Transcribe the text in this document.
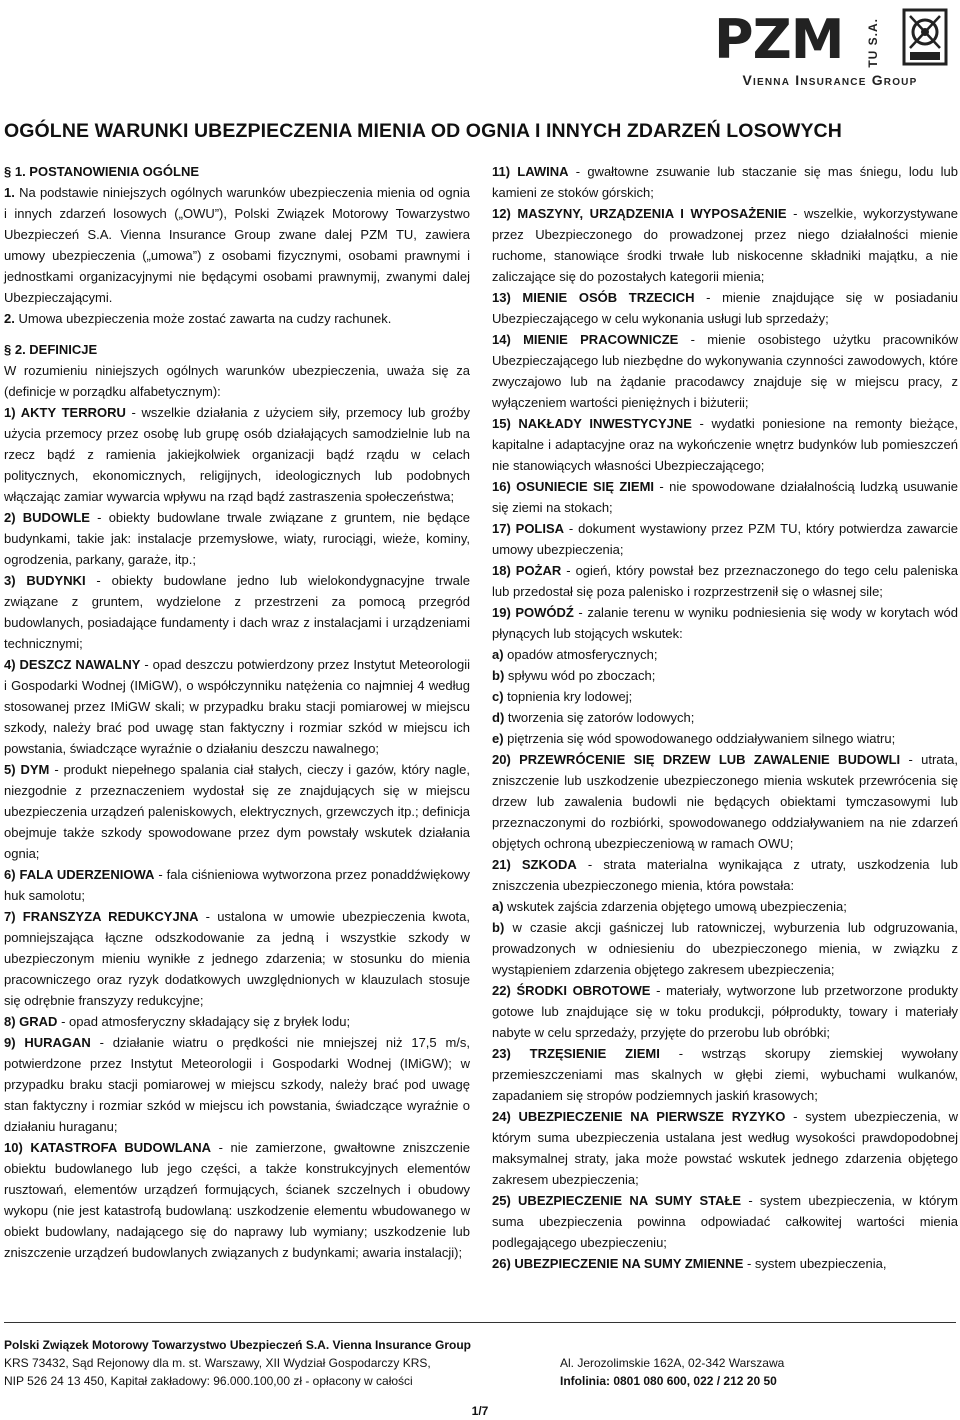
PZM TU S.A.
Vienna Insurance Group
OGÓLNE WARUNKI UBEZPIECZENIA MIENIA OD OGNIA I INNYCH ZDARZEŃ LOSOWYCH

§ 1. POSTANOWIENIA OGÓLNE

1. Na podstawie niniejszych ogólnych warunków ubezpieczenia mienia od ognia i innych zdarzeń losowych („OWU”), Polski Związek Motorowy Towarzystwo Ubezpieczeń S.A. Vienna Insurance Group zwane dalej PZM TU, zawiera umowy ubezpieczenia („umowa”) z osobami fizycznymi, osobami prawnymi i jednostkami organizacyjnymi nie będącymi osobami prawnymij, zwanymi dalej Ubezpieczającymi.

2. Umowa ubezpieczenia może zostać zawarta na cudzy rachunek.

§ 2. DEFINICJE

W rozumieniu niniejszych ogólnych warunków ubezpieczenia, uważa się za (definicje w porządku alfabetycznym):

1) AKTY TERRORU - wszelkie działania z użyciem siły, przemocy lub groźby użycia przemocy przez osobę lub grupę osób działających samodzielnie lub na rzecz bądź z ramienia jakiejkolwiek organizacji bądź rządu w celach politycznych, ekonomicznych, religijnych, ideologicznych lub podobnych włączając zamiar wywarcia wpływu na rząd bądź zastraszenia społeczeństwa;

2) BUDOWLE - obiekty budowlane trwale związane z gruntem, nie będące budynkami, takie jak: instalacje przemysłowe, wiaty, rurociągi, wieże, kominy, ogrodzenia, parkany, garaże, itp.;

3) BUDYNKI - obiekty budowlane jedno lub wielokondygnacyjne trwale związane z gruntem, wydzielone z przestrzeni za pomocą przegród budowlanych, posiadające fundamenty i dach wraz z instalacjami i urządzeniami technicznymi;

4) DESZCZ NAWALNY - opad deszczu potwierdzony przez Instytut Meteorologii i Gospodarki Wodnej (IMiGW), o współczynniku natężenia co najmniej 4 według stosowanej przez IMiGW skali; w przypadku braku stacji pomiarowej w miejscu szkody, należy brać pod uwagę stan faktyczny i rozmiar szkód w miejscu ich powstania, świadczące wyraźnie o działaniu deszczu nawalnego;

5) DYM - produkt niepełnego spalania ciał stałych, cieczy i gazów, który nagle, niezgodnie z przeznaczeniem wydostał się ze znajdujących się w miejscu ubezpieczenia urządzeń paleniskowych, elektrycznych, grzewczych itp.; definicja obejmuje także szkody spowodowane przez dym powstały wskutek działania ognia;

6) FALA UDERZENIOWA - fala ciśnieniowa wytworzona przez ponaddźwiękowy huk samolotu;

7) FRANSZYZA REDUKCYJNA - ustalona w umowie ubezpieczenia kwota, pomniejszająca łączne odszkodowanie za jedną i wszystkie szkody w ubezpieczonym mieniu wynikłe z jednego zdarzenia; w stosunku do mienia pracowniczego oraz ryzyk dodatkowych uwzględnionych w klauzulach stosuje się odrębnie franszyzy redukcyjne;

8) GRAD - opad atmosferyczny składający się z bryłek lodu;

9) HURAGAN - działanie wiatru o prędkości nie mniejszej niż 17,5 m/s, potwierdzone przez Instytut Meteorologii i Gospodarki Wodnej (IMiGW); w przypadku braku stacji pomiarowej w miejscu szkody, należy brać pod uwagę stan faktyczny i rozmiar szkód w miejscu ich powstania, świadczące wyraźnie o działaniu huraganu;

10) KATASTROFA BUDOWLANA - nie zamierzone, gwałtowne zniszczenie obiektu budowlanego lub jego części, a także konstrukcyjnych elementów rusztowań, elementów urządzeń formujących, ścianek szczelnych i obudowy wykopu (nie jest katastrofą budowlaną: uszkodzenie elementu wbudowanego w obiekt budowlany, nadającego się do naprawy lub wymiany; uszkodzenie lub zniszczenie urządzeń budowlanych związanych z budynkami; awaria instalacji);

11) LAWINA - gwałtowne zsuwanie lub staczanie się mas śniegu, lodu lub kamieni ze stoków górskich;

12) MASZYNY, URZĄDZENIA I WYPOSAŻENIE - wszelkie, wykorzystywane przez Ubezpieczonego do prowadzonej przez niego działalności mienie ruchome, stanowiące środki trwałe lub niskocenne składniki majątku, a nie zaliczające się do pozostałych kategorii mienia;

13) MIENIE OSÓB TRZECICH - mienie znajdujące się w posiadaniu Ubezpieczającego w celu wykonania usługi lub sprzedaży;

14) MIENIE PRACOWNICZE - mienie osobistego użytku pracowników Ubezpieczającego lub niezbędne do wykonywania czynności zawodowych, które zwyczajowo lub na żądanie pracodawcy znajduje się w miejscu pracy, z wyłączeniem wartości pieniężnych i biżuterii;

15) NAKŁADY INWESTYCYJNE - wydatki poniesione na remonty bieżące, kapitalne i adaptacyjne oraz na wykończenie wnętrz budynków lub pomieszczeń nie stanowiących własności Ubezpieczającego;

16) OSUNIECIE SIĘ ZIEMI - nie spowodowane działalnością ludzką usuwanie się ziemi na stokach;

17) POLISA - dokument wystawiony przez PZM TU, który potwierdza zawarcie umowy ubezpieczenia;

18) POŻAR - ogień, który powstał bez przeznaczonego do tego celu paleniska lub przedostał się poza palenisko i rozprzestrzenił się o własnej sile;

19) POWÓDŹ - zalanie terenu w wyniku podniesienia się wody w korytach wód płynących lub stojących wskutek:

a) opadów atmosferycznych;

b) spływu wód po zboczach;

c) topnienia kry lodowej;

d) tworzenia się zatorów lodowych;

e) piętrzenia się wód spowodowanego oddziaływaniem silnego wiatru;

20) PRZEWRÓCENIE SIĘ DRZEW LUB ZAWALENIE BUDOWLI - utrata, zniszczenie lub uszkodzenie ubezpieczonego mienia wskutek przewrócenia się drzew lub zawalenia budowli nie będących obiektami tymczasowymi lub przeznaczonymi do rozbiórki, spowodowanego oddziaływaniem na nie zdarzeń objętych ochroną ubezpieczeniową w ramach OWU;

21) SZKODA - strata materialna wynikająca z utraty, uszkodzenia lub zniszczenia ubezpieczonego mienia, która powstała:

a) wskutek zajścia zdarzenia objętego umową ubezpieczenia;

b) w czasie akcji gaśniczej lub ratowniczej, wyburzenia lub odgruzowania, prowadzonych w odniesieniu do ubezpieczonego mienia, w związku z wystąpieniem zdarzenia objętego zakresem ubezpieczenia;

22) ŚRODKI OBROTOWE - materiały, wytworzone lub przetworzone produkty gotowe lub znajdujące się w toku produkcji, półprodukty, towary i materiały nabyte w celu sprzedaży, przyjęte do przerobu lub obróbki;

23) TRZĘSIENIE ZIEMI - wstrząs skorupy ziemskiej wywołany przemieszczeniami mas skalnych w głębi ziemi, wybuchami wulkanów, zapadaniem się stropów podziemnych jaskiń krasowych;

24) UBEZPIECZENIE NA PIERWSZE RYZYKO - system ubezpieczenia, w którym suma ubezpieczenia ustalana jest według wysokości prawdopodobnej maksymalnej straty, jaka może powstać wskutek jednego zdarzenia objętego zakresem ubezpieczenia;

25) UBEZPIECZENIE NA SUMY STAŁE - system ubezpieczenia, w którym suma ubezpieczenia powinna odpowiadać całkowitej wartości mienia podlegającego ubezpieczeniu;

26) UBEZPIECZENIE NA SUMY ZMIENNE - system ubezpieczenia,

Polski Związek Motorowy Towarzystwo Ubezpieczeń S.A. Vienna Insurance Group
KRS 73432, Sąd Rejonowy dla m. st. Warszawy, XII Wydział Gospodarczy KRS,
NIP 526 24 13 450, Kapitał zakładowy: 96.000.100,00 zł - opłacony w całości
Al. Jerozolimskie 162A, 02-342 Warszawa
Infolinia: 0801 080 600, 022 / 212 20 50
1/7
